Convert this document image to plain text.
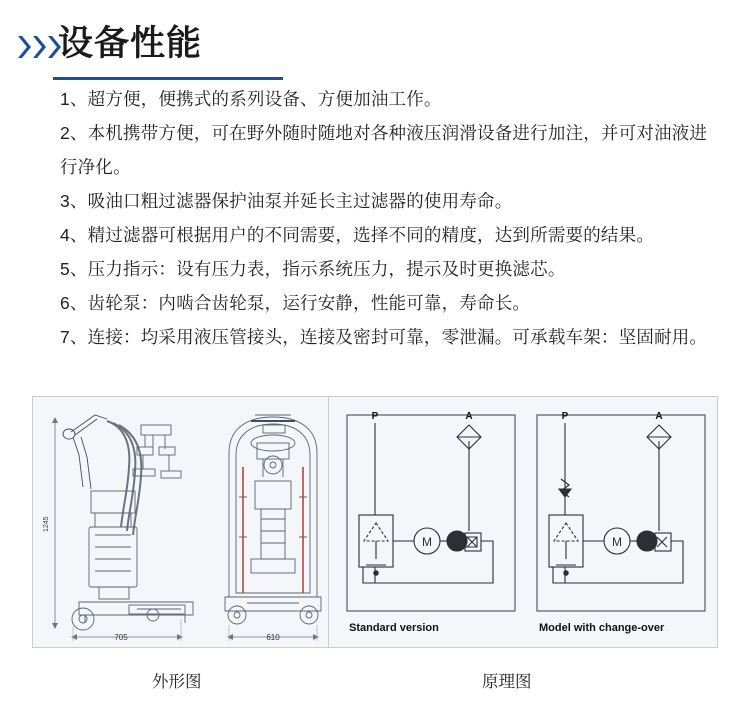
设备性能

1、超方便，便携式的系列设备、方便加油工作。

2、本机携带方便，可在野外随时随地对各种液压润滑设备进行加注，并可对油液进行净化。

3、吸油口粗过滤器保护油泵并延长主过滤器的使用寿命。

4、精过滤器可根据用户的不同需要，选择不同的精度，达到所需要的结果。

5、压力指示：设有压力表，指示系统压力，提示及时更换滤芯。

6、齿轮泵：内啮合齿轮泵，运行安静，性能可靠，寿命长。

7、连接：均采用液压管接头，连接及密封可靠，零泄漏。可承载车架：坚固耐用。

1245
705	610
M	M
P	A	P	A
Standard version	Model with change-over
外形图	原理图
